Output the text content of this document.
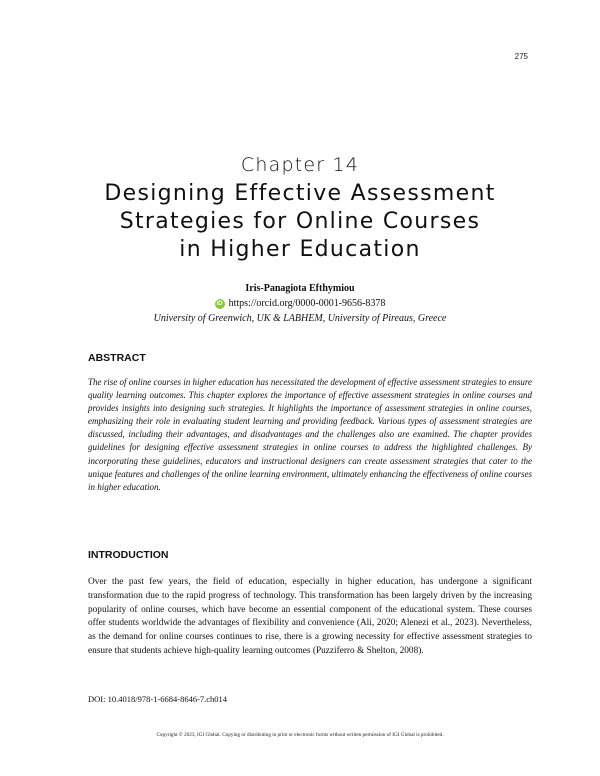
275
Chapter 14
Designing Effective Assessment
Strategies for Online Courses
in Higher Education
Iris-Panagiota Efthymiou
iD https://orcid.org/0000-0001-9656-8378
University of Greenwich, UK & LABHEM, University of Pireaus, Greece
ABSTRACT

The rise of online courses in higher education has necessitated the development of effective assessment strategies to ensure quality learning outcomes. This chapter explores the importance of effective assessment strategies in online courses and provides insights into designing such strategies. It highlights the importance of assessment strategies in online courses, emphasizing their role in evaluating student learning and providing feedback. Various types of assessment strategies are discussed, including their advantages, and disadvantages and the challenges also are examined. The chapter provides guidelines for designing effective assessment strategies in online courses to address the highlighted challenges. By incorporating these guidelines, educators and instructional designers can create assessment strategies that cater to the unique features and challenges of the online learning environment, ultimately enhancing the effectiveness of online courses in higher education.

INTRODUCTION

Over the past few years, the field of education, especially in higher education, has undergone a significant transformation due to the rapid progress of technology. This transformation has been largely driven by the increasing popularity of online courses, which have become an essential component of the educational system. These courses offer students worldwide the advantages of flexibility and convenience (Ali, 2020; Alenezi et al., 2023). Nevertheless, as the demand for online courses continues to rise, there is a growing necessity for effective assessment strategies to ensure that students achieve high-quality learning outcomes (Puzziferro & Shelton, 2008).

DOI: 10.4018/978-1-6684-8646-7.ch014
Copyright © 2023, IGI Global. Copying or distributing in print or electronic forms without written permission of IGI Global is prohibited.
